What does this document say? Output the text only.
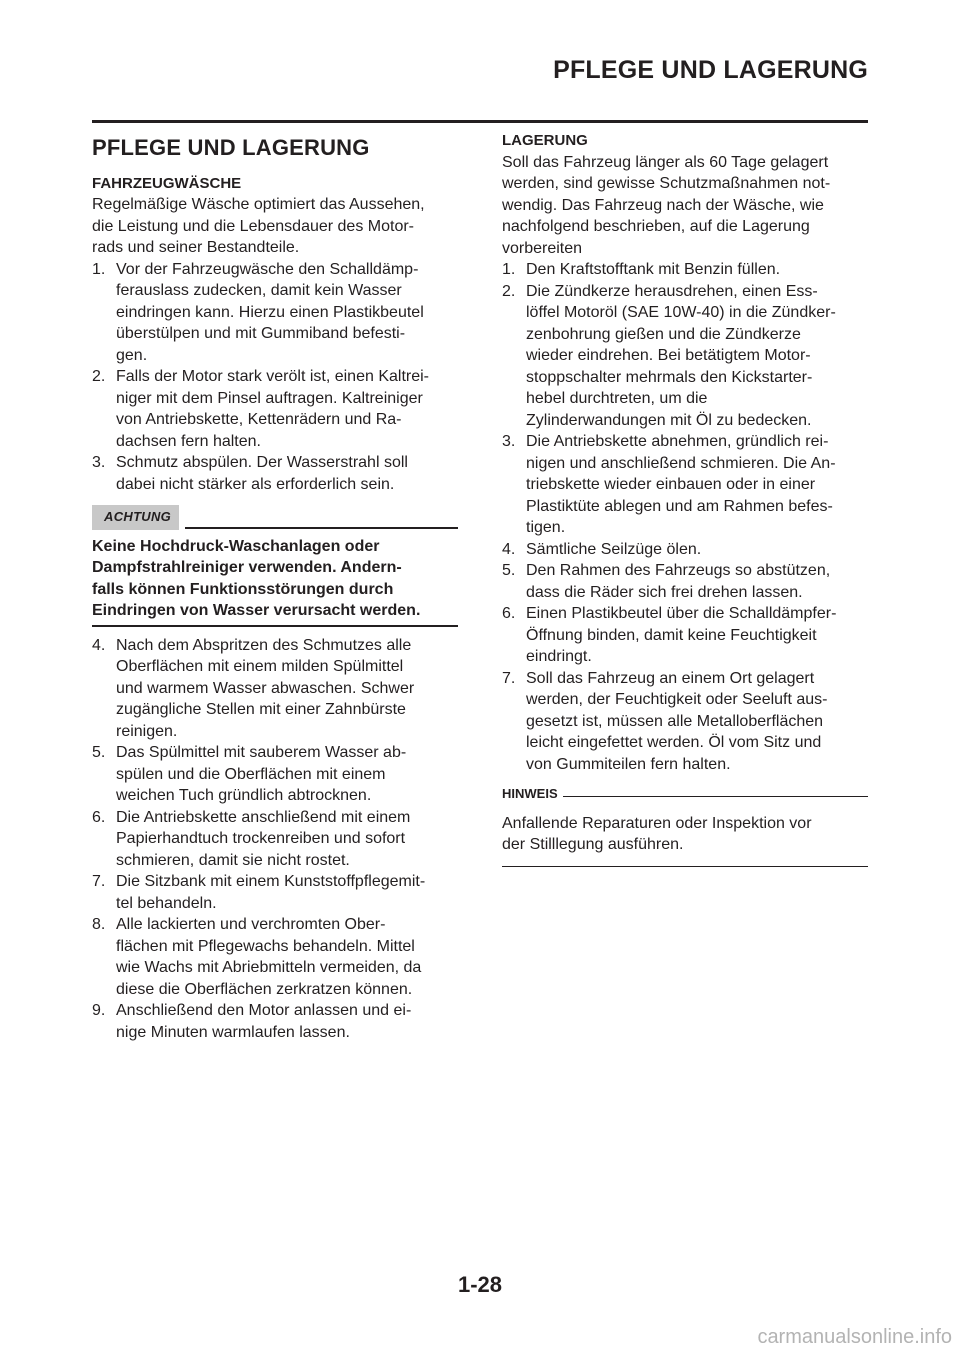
PFLEGE UND LAGERUNG
PFLEGE UND LAGERUNG
FAHRZEUGWÄSCHE

Regelmäßige Wäsche optimiert das Aussehen,
die Leistung und die Lebensdauer des Motor-
rads und seiner Bestandteile.

1. Vor der Fahrzeugwäsche den Schalldämp-
ferauslass zudecken, damit kein Wasser
eindringen kann. Hierzu einen Plastikbeutel
überstülpen und mit Gummiband befesti-
gen.
2. Falls der Motor stark verölt ist, einen Kaltrei-
niger mit dem Pinsel auftragen. Kaltreiniger
von Antriebskette, Kettenrädern und Ra-
dachsen fern halten.
3. Schmutz abspülen. Der Wasserstrahl soll
dabei nicht stärker als erforderlich sein.
ACHTUNG
Keine Hochdruck-Waschanlagen oder
Dampfstrahlreiniger verwenden. Andern-
falls können Funktionsstörungen durch
Eindringen von Wasser verursacht werden.
4. Nach dem Abspritzen des Schmutzes alle
Oberflächen mit einem milden Spülmittel
und warmem Wasser abwaschen. Schwer
zugängliche Stellen mit einer Zahnbürste
reinigen.
5. Das Spülmittel mit sauberem Wasser ab-
spülen und die Oberflächen mit einem
weichen Tuch gründlich abtrocknen.
6. Die Antriebskette anschließend mit einem
Papierhandtuch trockenreiben und sofort
schmieren, damit sie nicht rostet.
7. Die Sitzbank mit einem Kunststoffpflegemit-
tel behandeln.
8. Alle lackierten und verchromten Ober-
flächen mit Pflegewachs behandeln. Mittel
wie Wachs mit Abriebmitteln vermeiden, da
diese die Oberflächen zerkratzen können.
9. Anschließend den Motor anlassen und ei-
nige Minuten warmlaufen lassen.
LAGERUNG

Soll das Fahrzeug länger als 60 Tage gelagert
werden, sind gewisse Schutzmaßnahmen not-
wendig. Das Fahrzeug nach der Wäsche, wie
nachfolgend beschrieben, auf die Lagerung
vorbereiten

1. Den Kraftstofftank mit Benzin füllen.
2. Die Zündkerze herausdrehen, einen Ess-
löffel Motoröl (SAE 10W-40) in die Zündker-
zenbohrung gießen und die Zündkerze
wieder eindrehen. Bei betätigtem Motor-
stoppschalter mehrmals den Kickstarter-
hebel durchtreten, um die
Zylinderwandungen mit Öl zu bedecken.
3. Die Antriebskette abnehmen, gründlich rei-
nigen und anschließend schmieren. Die An-
triebskette wieder einbauen oder in einer
Plastiktüte ablegen und am Rahmen befes-
tigen.
4. Sämtliche Seilzüge ölen.
5. Den Rahmen des Fahrzeugs so abstützen,
dass die Räder sich frei drehen lassen.
6. Einen Plastikbeutel über die Schalldämpfer-
Öffnung binden, damit keine Feuchtigkeit
eindringt.
7. Soll das Fahrzeug an einem Ort gelagert
werden, der Feuchtigkeit oder Seeluft aus-
gesetzt ist, müssen alle Metalloberflächen
leicht eingefettet werden. Öl vom Sitz und
von Gummiteilen fern halten.
HINWEIS
Anfallende Reparaturen oder Inspektion vor
der Stilllegung ausführen.
1-28
carmanualsonline.info
